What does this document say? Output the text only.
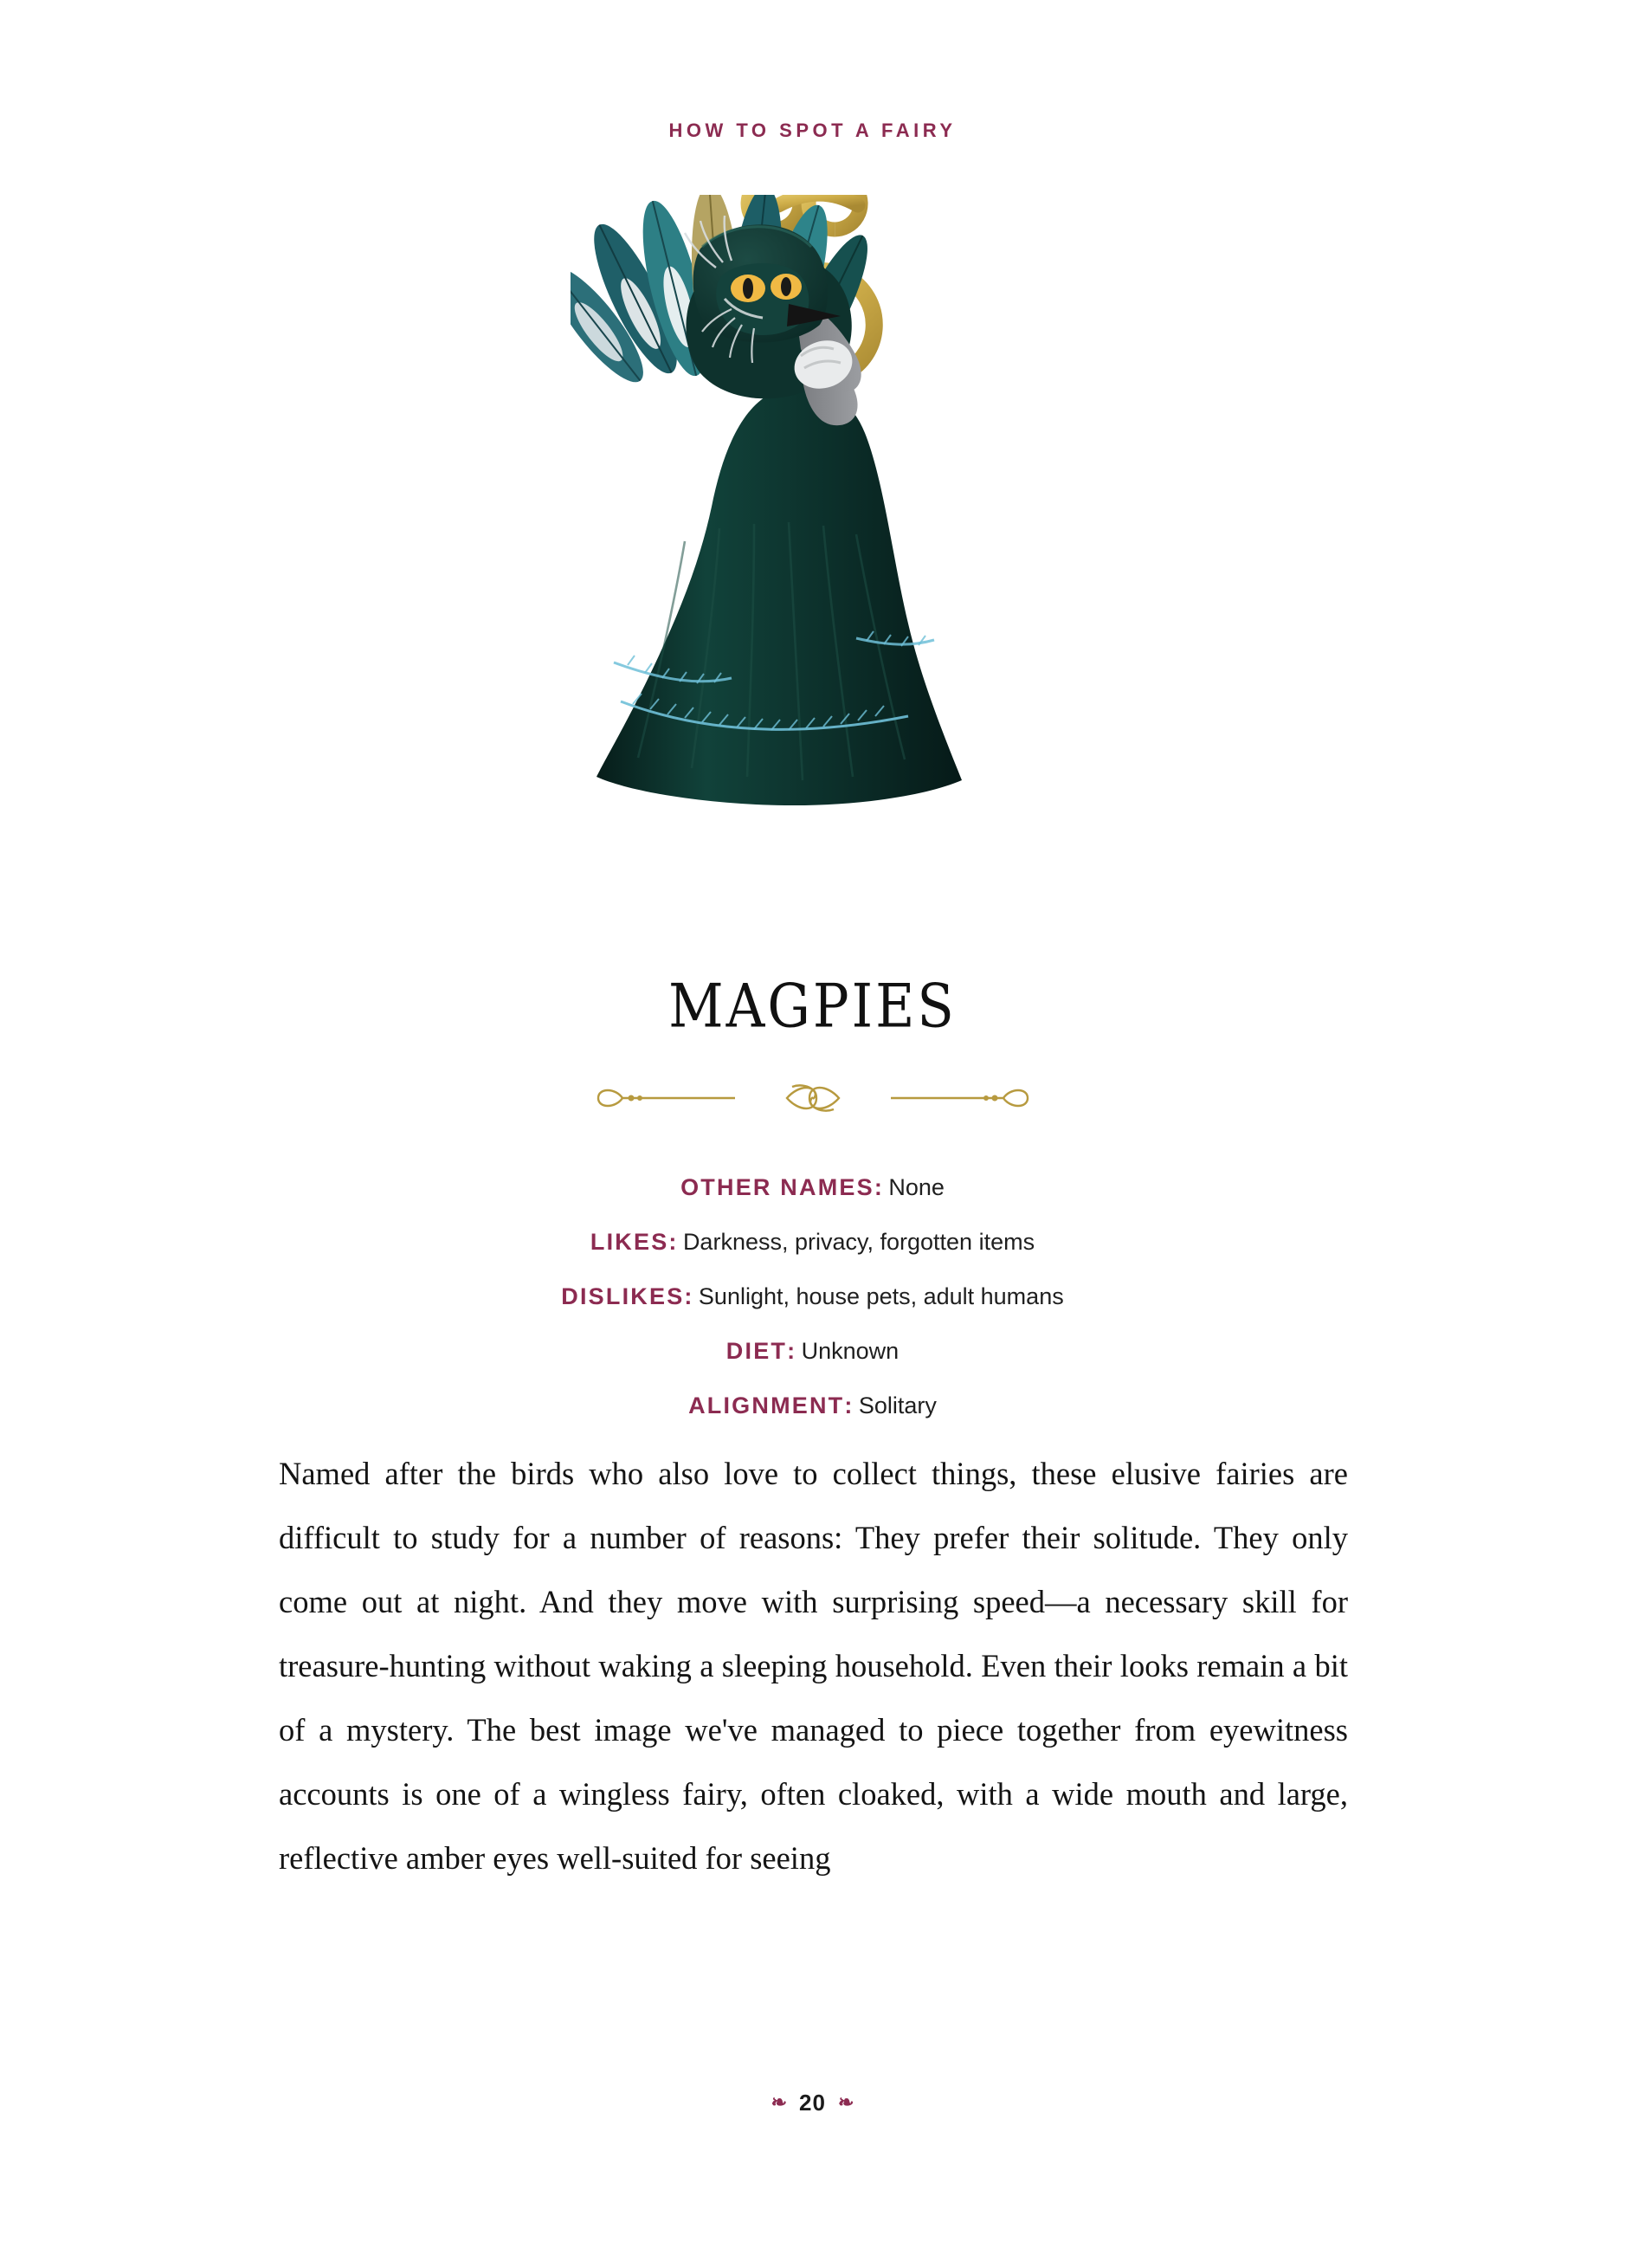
HOW TO SPOT A FAIRY
MAGPIES
OTHER NAMES: None
LIKES: Darkness, privacy, forgotten items
DISLIKES: Sunlight, house pets, adult humans
DIET: Unknown
ALIGNMENT: Solitary

Named after the birds who also love to collect things, these elusive fairies are difficult to study for a number of reasons: They prefer their solitude. They only come out at night. And they move with surprising speed—a necessary skill for treasure-hunting without waking a sleeping household. Even their looks remain a bit of a mystery. The best image we've managed to piece together from eyewitness accounts is one of a wingless fairy, often cloaked, with a wide mouth and large, reflective amber eyes well-suited for seeing

❧ 20 ❧
